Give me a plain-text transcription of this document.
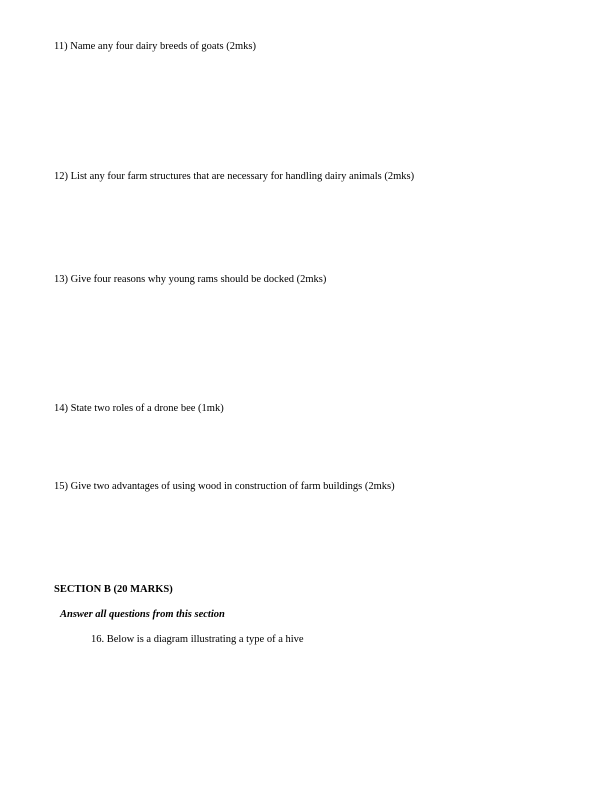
11) Name any four dairy breeds of goats (2mks)
12) List any four farm structures that are necessary for handling dairy animals (2mks)
13) Give four reasons why young rams should be docked (2mks)
14) State two roles of a drone bee (1mk)
15) Give two advantages of using wood in construction of farm buildings (2mks)
SECTION B (20 MARKS)
Answer all questions from this section
16. Below is a diagram illustrating a type of a hive
